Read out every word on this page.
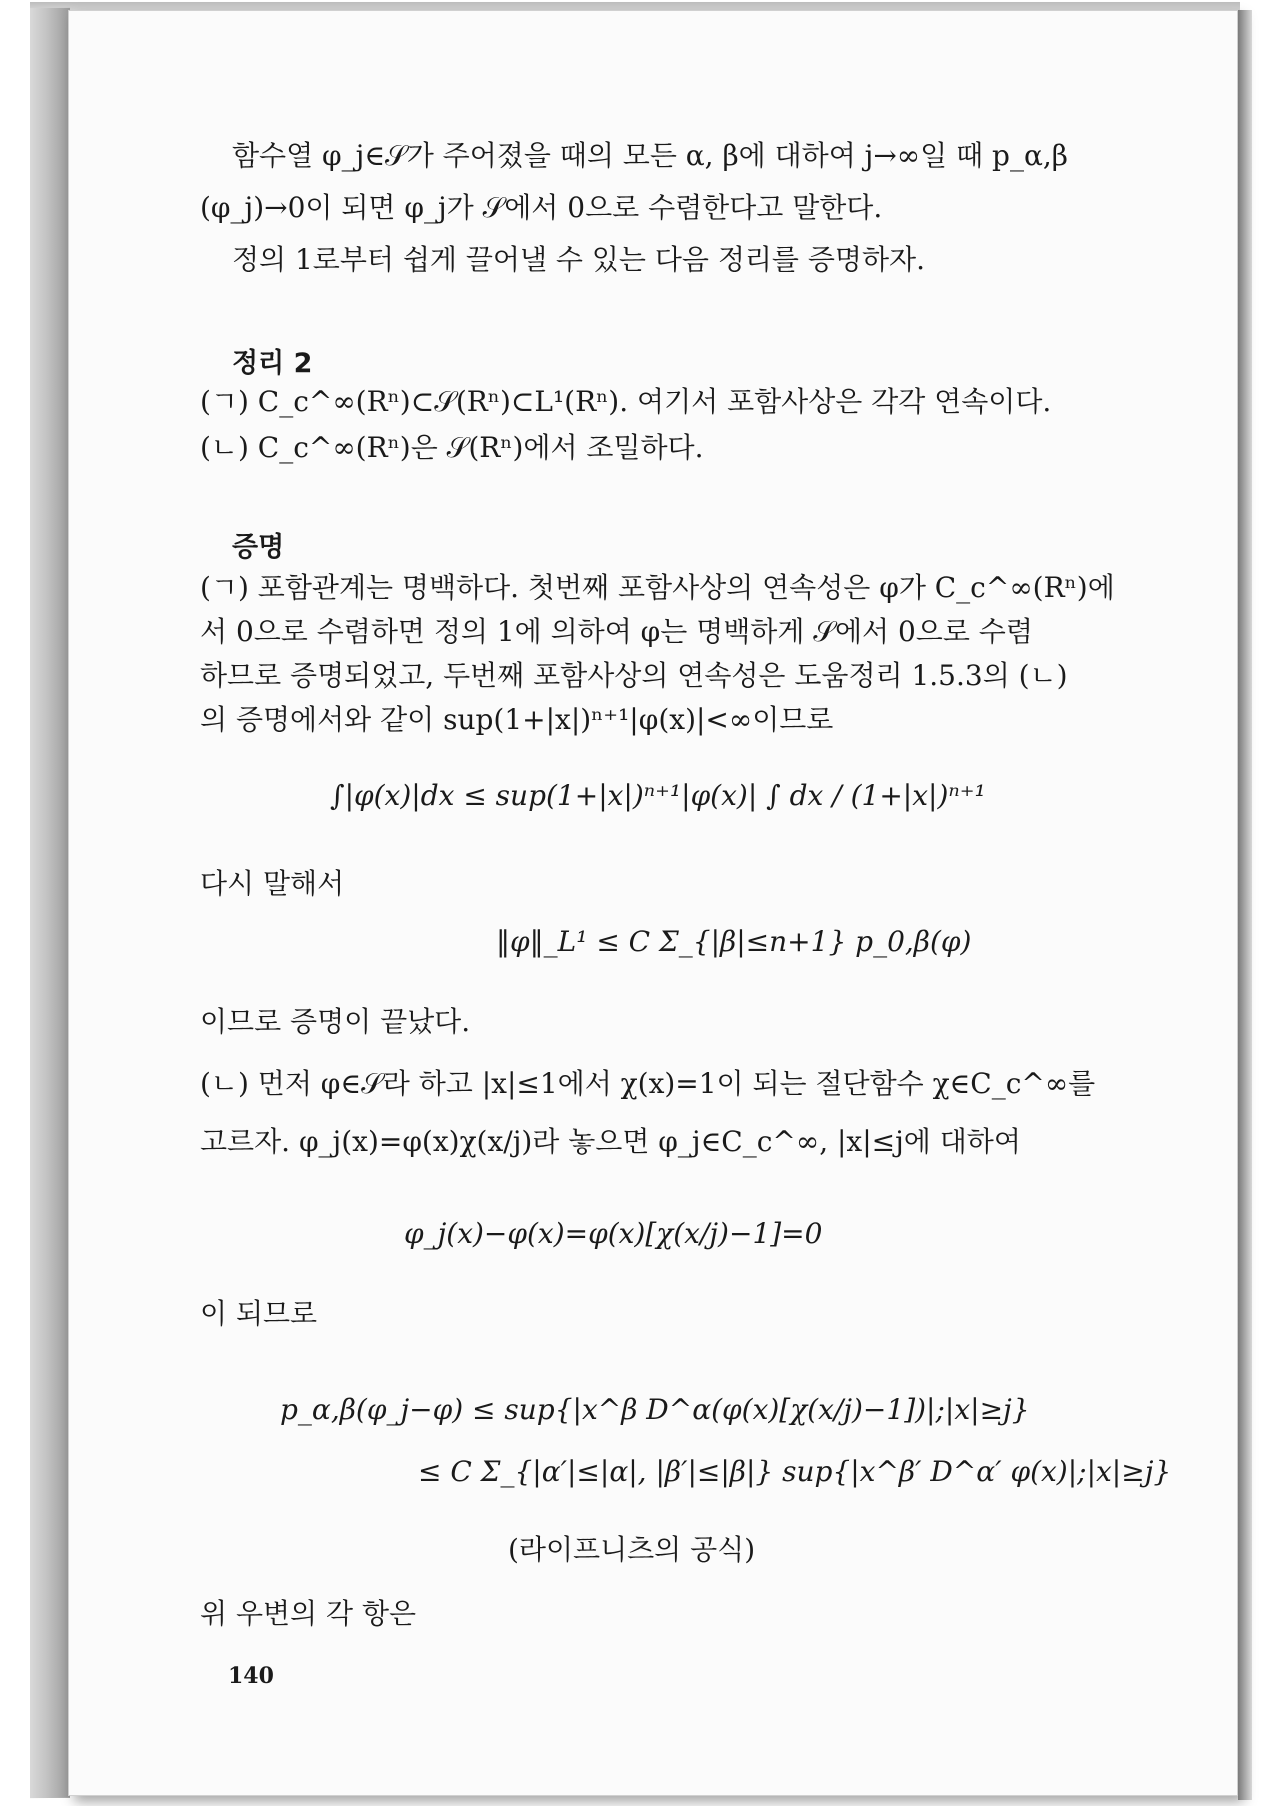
함수열 φ_j∈𝒮가 주어졌을 때의 모든 α, β에 대하여 j→∞일 때 p_α,β
(φ_j)→0이 되면 φ_j가 𝒮에서 0으로 수렴한다고 말한다.
정의 1로부터 쉽게 끌어낼 수 있는 다음 정리를 증명하자.
정리 2
(ㄱ) C_c^∞(Rⁿ)⊂𝒮(Rⁿ)⊂L¹(Rⁿ). 여기서 포함사상은 각각 연속이다.
(ㄴ) C_c^∞(Rⁿ)은 𝒮(Rⁿ)에서 조밀하다.
증명
(ㄱ) 포함관계는 명백하다. 첫번째 포함사상의 연속성은 φ가 C_c^∞(Rⁿ)에
서 0으로 수렴하면 정의 1에 의하여 φ는 명백하게 𝒮에서 0으로 수렴
하므로 증명되었고, 두번째 포함사상의 연속성은 도움정리 1.5.3의 (ㄴ)
의 증명에서와 같이 sup(1+|x|)ⁿ⁺¹|φ(x)|<∞이므로
∫|φ(x)|dx ≤ sup(1+|x|)ⁿ⁺¹|φ(x)| ∫ dx / (1+|x|)ⁿ⁺¹
다시 말해서
‖φ‖_L¹ ≤ C Σ_{|β|≤n+1} p_0,β(φ)
이므로 증명이 끝났다.
(ㄴ) 먼저 φ∈𝒮라 하고 |x|≤1에서 χ(x)=1이 되는 절단함수 χ∈C_c^∞를
고르자. φ_j(x)=φ(x)χ(x/j)라 놓으면 φ_j∈C_c^∞, |x|≤j에 대하여
φ_j(x)−φ(x)=φ(x)[χ(x/j)−1]=0
이 되므로
p_α,β(φ_j−φ) ≤ sup{|x^β D^α(φ(x)[χ(x/j)−1])|;|x|≥j}
≤ C Σ_{|α′|≤|α|, |β′|≤|β|} sup{|x^β′ D^α′ φ(x)|;|x|≥j}
(라이프니츠의 공식)
위 우변의 각 항은
140
